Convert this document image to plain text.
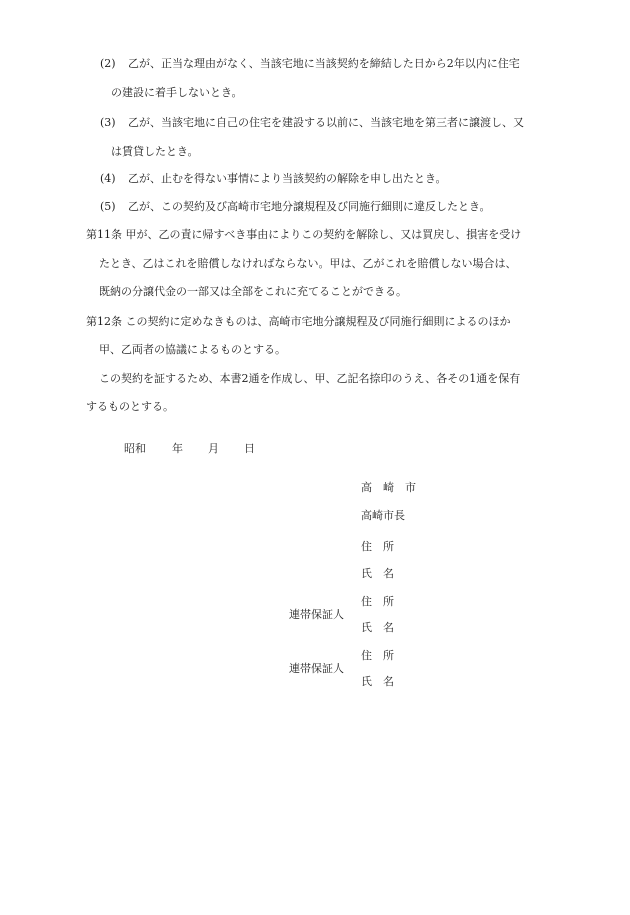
(2) 乙が、正当な理由がなく、当該宅地に当該契約を締結した日から2年以内に住宅
の建設に着手しないとき。
(3) 乙が、当該宅地に自己の住宅を建設する以前に、当該宅地を第三者に譲渡し、又
は賃貸したとき。
(4) 乙が、止むを得ない事情により当該契約の解除を申し出たとき。
(5) 乙が、この契約及び高崎市宅地分譲規程及び同施行細則に違反したとき。
第11条 甲が、乙の責に帰すべき事由によりこの契約を解除し、又は買戻し、損害を受け
たとき、乙はこれを賠償しなければならない。甲は、乙がこれを賠償しない場合は、
既納の分譲代金の一部又は全部をこれに充てることができる。
第12条 この契約に定めなきものは、高崎市宅地分譲規程及び同施行細則によるのほか
甲、乙両者の協議によるものとする。
この契約を証するため、本書2通を作成し、甲、乙記名捺印のうえ、各その1通を保有
するものとする。
昭和 年 月 日
高　崎　市
高崎市長
住　所
氏　名
住　所
連帯保証人
氏　名
住　所
連帯保証人
氏　名
